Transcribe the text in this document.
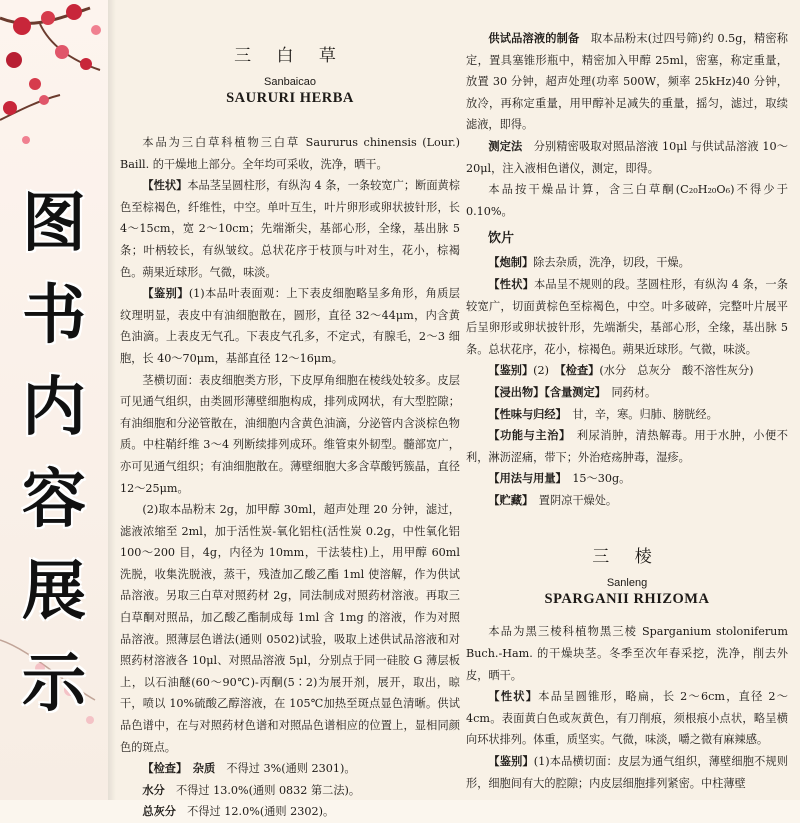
图
书
内
容
展
示
三 白 草
Sanbaicao
SAURURI HERBA

本品为三白草科植物三白草 Saururus chinensis (Lour.) Baill. 的干燥地上部分。全年均可采收，洗净，晒干。

【性状】本品茎呈圆柱形，有纵沟 4 条，一条较宽广；断面黄棕色至棕褐色，纤维性，中空。单叶互生，叶片卵形或卵状披针形，长 4～15cm，宽 2～10cm；先端渐尖，基部心形，全缘，基出脉 5 条；叶柄较长，有纵皱纹。总状花序于枝顶与叶对生，花小，棕褐色。蒴果近球形。气微，味淡。

【鉴别】(1)本品叶表面观：上下表皮细胞略呈多角形，角质层纹理明显，表皮中有油细胞散在，圆形，直径 32～44μm，内含黄色油滴。上表皮无气孔。下表皮气孔多，不定式，有腺毛，2～3 细胞，长 40～70μm，基部直径 12～16μm。

茎横切面：表皮细胞类方形，下皮厚角细胞在棱线处较多。皮层可见通气组织，由类圆形薄壁细胞构成，排列成网状，有大型腔隙；有油细胞和分泌管散在，油细胞内含黄色油滴，分泌管内含淡棕色物质。中柱鞘纤维 3～4 列断续排列成环。维管束外韧型。髓部宽广，亦可见通气组织；有油细胞散在。薄壁细胞大多含草酸钙簇晶，直径 12～25μm。

(2)取本品粉末 2g，加甲醇 30ml，超声处理 20 分钟，滤过，滤液浓缩至 2ml，加于活性炭-氧化铝柱(活性炭 0.2g，中性氧化铝 100～200 目，4g，内径为 10mm，干法装柱)上，用甲醇 60ml 洗脱，收集洗脱液，蒸干，残渣加乙酸乙酯 1ml 使溶解，作为供试品溶液。另取三白草对照药材 2g，同法制成对照药材溶液。再取三白草酮对照品，加乙酸乙酯制成每 1ml 含 1mg 的溶液，作为对照品溶液。照薄层色谱法(通则 0502)试验，吸取上述供试品溶液和对照药材溶液各 10μl、对照品溶液 5μl，分别点于同一硅胶 G 薄层板上，以石油醚(60～90℃)-丙酮(5∶2)为展开剂，展开，取出，晾干，喷以 10%硫酸乙醇溶液，在 105℃加热至斑点显色清晰。供试品色谱中，在与对照药材色谱和对照品色谱相应的位置上，显相同颜色的斑点。

【检查】　 杂质　 不得过 3%(通则 2301)。

水分　 不得过 13.0%(通则 0832 第二法)。

总灰分　 不得过 12.0%(通则 2302)。

供试品溶液的制备　 取本品粉末(过四号筛)约 0.5g，精密称定，置具塞锥形瓶中，精密加入甲醇 25ml，密塞，称定重量，放置 30 分钟，超声处理(功率 500W，频率 25kHz)40 分钟，放冷，再称定重量，用甲醇补足减失的重量，摇匀，滤过，取续滤液，即得。

测定法　 分别精密吸取对照品溶液 10μl 与供试品溶液 10～20μl，注入液相色谱仪，测定，即得。

本品按干燥品计算，含三白草酮(C₂₀H₂₀O₆)不得少于 0.10%。

饮片

【炮制】除去杂质，洗净，切段，干燥。

【性状】本品呈不规则的段。茎圆柱形，有纵沟 4 条，一条较宽广，切面黄棕色至棕褐色，中空。叶多破碎，完整叶片展平后呈卵形或卵状披针形，先端渐尖，基部心形，全缘，基出脉 5 条。总状花序，花小，棕褐色。蒴果近球形。气微，味淡。

【鉴别】(2)　 【检查】(水分　总灰分　酸不溶性灰分)

【浸出物】【含量测定】　 同药材。

【性味与归经】　 甘，辛，寒。归肺、膀胱经。

【功能与主治】　 利尿消肿，清热解毒。用于水肿，小便不利，淋沥涩痛，带下；外治疮疡肿毒，湿疹。

【用法与用量】　 15～30g。

【贮藏】　 置阴凉干燥处。

三 棱
Sanleng
SPARGANII RHIZOMA

本品为黑三棱科植物黑三棱 Sparganium stoloniferum Buch.-Ham. 的干燥块茎。冬季至次年春采挖，洗净，削去外皮，晒干。

【性状】本品呈圆锥形，略扁，长 2～6cm，直径 2～4cm。表面黄白色或灰黄色，有刀削痕，须根痕小点状，略呈横向环状排列。体重，质坚实。气微，味淡，嚼之微有麻辣感。

【鉴别】(1)本品横切面：皮层为通气组织，薄壁细胞不规则形，细胞间有大的腔隙；内皮层细胞排列紧密。中柱薄壁
